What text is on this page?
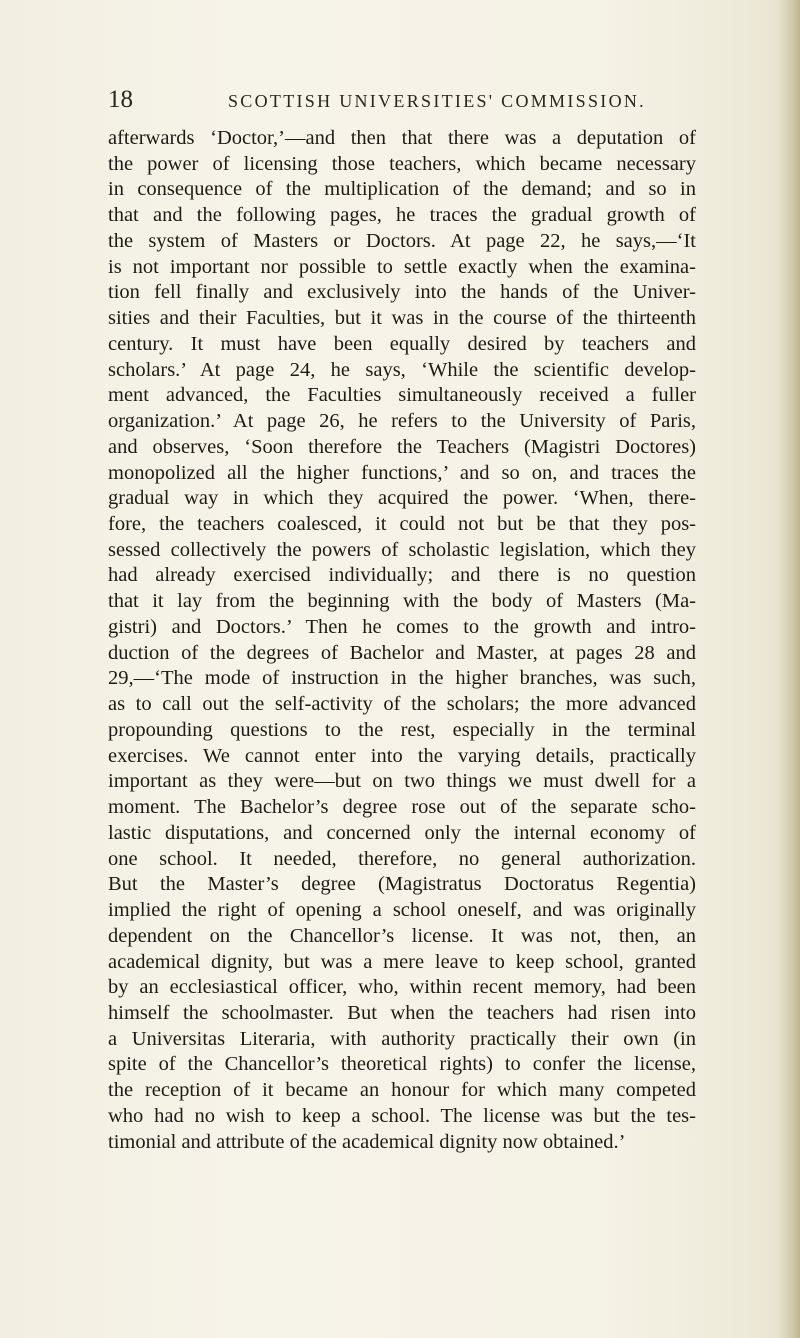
18	SCOTTISH UNIVERSITIES' COMMISSION.
afterwards ‘Doctor,’—and then that there was a deputation of
the power of licensing those teachers, which became necessary
in consequence of the multiplication of the demand; and so in
that and the following pages, he traces the gradual growth of
the system of Masters or Doctors. At page 22, he says,—‘It
is not important nor possible to settle exactly when the examina-
tion fell finally and exclusively into the hands of the Univer-
sities and their Faculties, but it was in the course of the thirteenth
century. It must have been equally desired by teachers and
scholars.’ At page 24, he says, ‘While the scientific develop-
ment advanced, the Faculties simultaneously received a fuller
organization.’ At page 26, he refers to the University of Paris,
and observes, ‘Soon therefore the Teachers (Magistri Doctores)
monopolized all the higher functions,’ and so on, and traces the
gradual way in which they acquired the power. ‘When, there-
fore, the teachers coalesced, it could not but be that they pos-
sessed collectively the powers of scholastic legislation, which they
had already exercised individually; and there is no question
that it lay from the beginning with the body of Masters (Ma-
gistri) and Doctors.’ Then he comes to the growth and intro-
duction of the degrees of Bachelor and Master, at pages 28 and
29,—‘The mode of instruction in the higher branches, was such,
as to call out the self-activity of the scholars; the more advanced
propounding questions to the rest, especially in the terminal
exercises. We cannot enter into the varying details, practically
important as they were—but on two things we must dwell for a
moment. The Bachelor’s degree rose out of the separate scho-
lastic disputations, and concerned only the internal economy of
one school. It needed, therefore, no general authorization.
But the Master’s degree (Magistratus Doctoratus Regentia)
implied the right of opening a school oneself, and was originally
dependent on the Chancellor’s license. It was not, then, an
academical dignity, but was a mere leave to keep school, granted
by an ecclesiastical officer, who, within recent memory, had been
himself the schoolmaster. But when the teachers had risen into
a Universitas Literaria, with authority practically their own (in
spite of the Chancellor’s theoretical rights) to confer the license,
the reception of it became an honour for which many competed
who had no wish to keep a school. The license was but the tes-
timonial and attribute of the academical dignity now obtained.’
